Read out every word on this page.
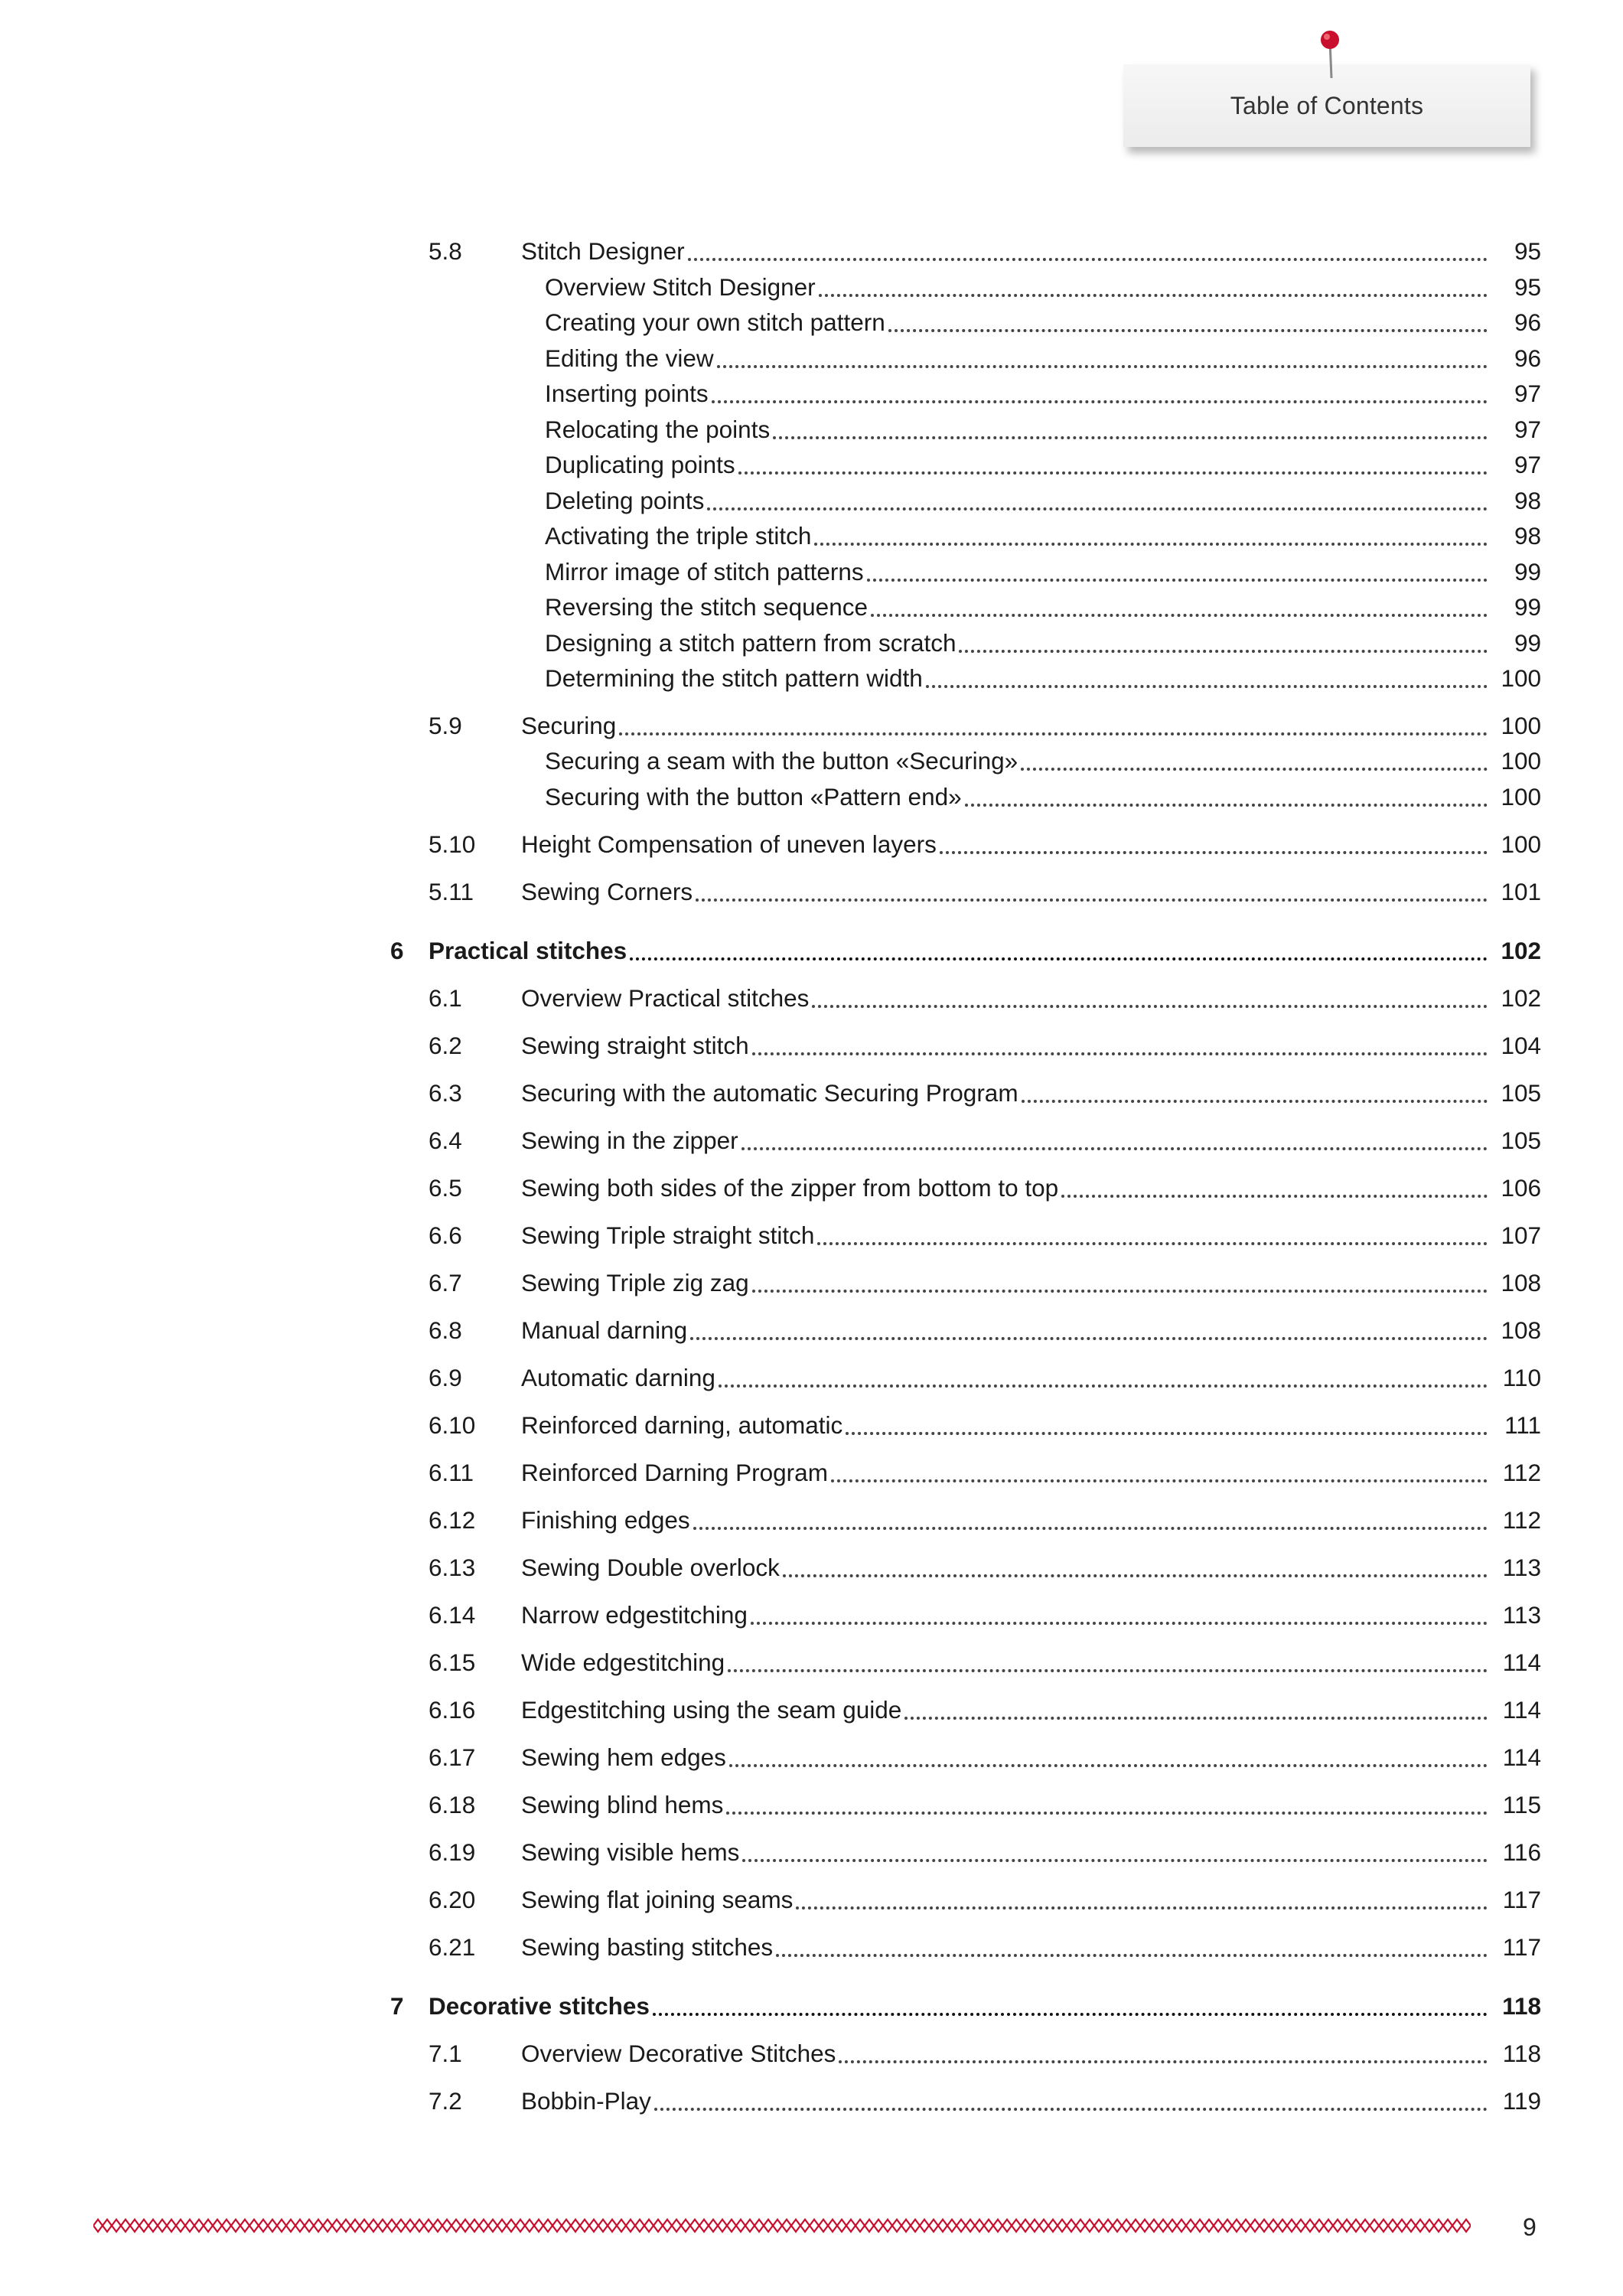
Table of Contents
5.8 Stitch Designer	95
Overview Stitch Designer	95
Creating your own stitch pattern	96
Editing the view	96
Inserting points	97
Relocating the points	97
Duplicating points	97
Deleting points	98
Activating the triple stitch	98
Mirror image of stitch patterns	99
Reversing the stitch sequence	99
Designing a stitch pattern from scratch	99
Determining the stitch pattern width	100
5.9 Securing	100
Securing a seam with the button «Securing»	100
Securing with the button «Pattern end»	100
5.10 Height Compensation of uneven layers	100
5.11 Sewing Corners	101
6 Practical stitches	102
6.1 Overview Practical stitches	102
6.2 Sewing straight stitch	104
6.3 Securing with the automatic Securing Program	105
6.4 Sewing in the zipper	105
6.5 Sewing both sides of the zipper from bottom to top	106
6.6 Sewing Triple straight stitch	107
6.7 Sewing Triple zig zag	108
6.8 Manual darning	108
6.9 Automatic darning	110
6.10 Reinforced darning, automatic	111
6.11 Reinforced Darning Program	112
6.12 Finishing edges	112
6.13 Sewing Double overlock	113
6.14 Narrow edgestitching	113
6.15 Wide edgestitching	114
6.16 Edgestitching using the seam guide	114
6.17 Sewing hem edges	114
6.18 Sewing blind hems	115
6.19 Sewing visible hems	116
6.20 Sewing flat joining seams	117
6.21 Sewing basting stitches	117
7 Decorative stitches	118
7.1 Overview Decorative Stitches	118
7.2 Bobbin-Play	119
9
